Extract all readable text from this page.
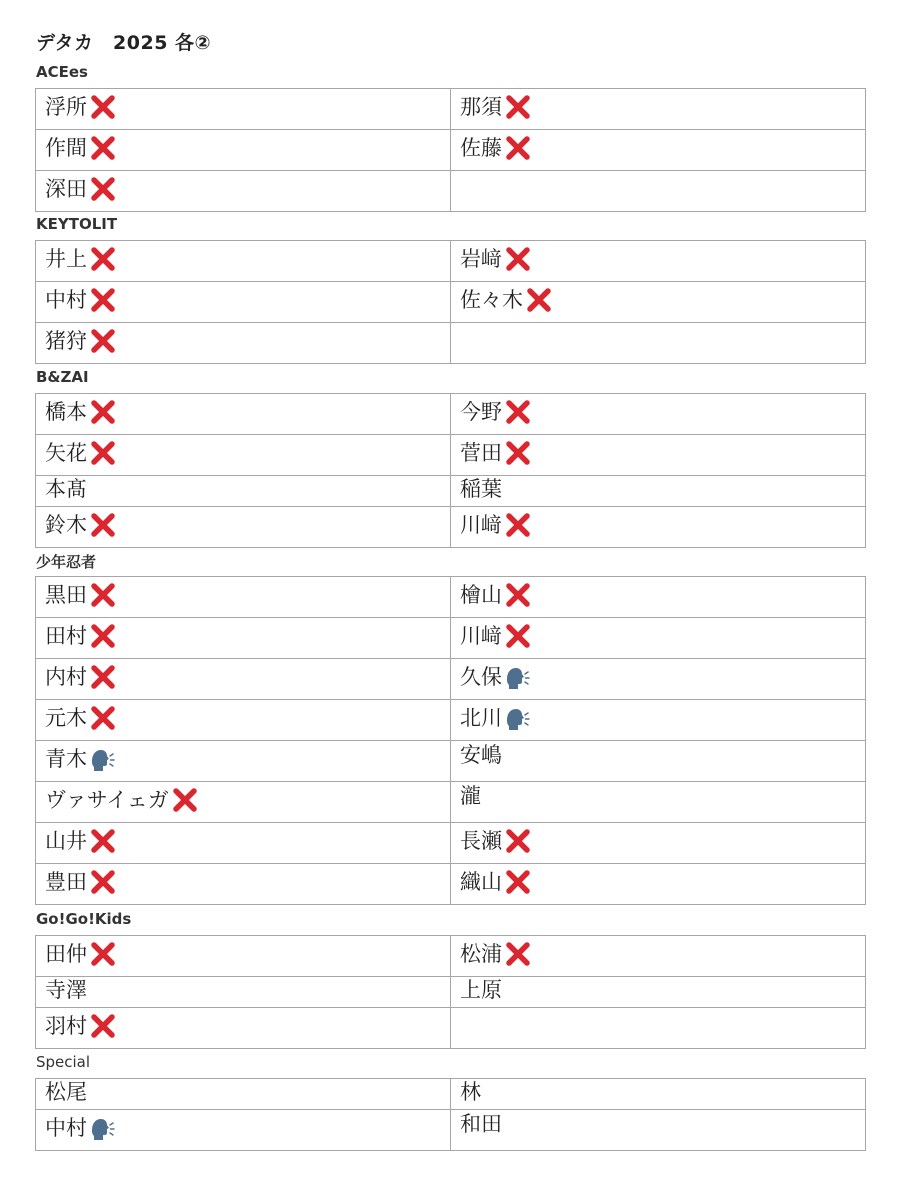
デタカ　2025 各②
ACEes
浮所	那須

作間	佐藤

深田

KEYTOLIT
井上	岩﨑

中村	佐々木

猪狩

B&ZAI
橋本	今野

矢花	菅田

本髙	稲葉
鈴木	川﨑
少年忍者
黒田	檜山

田村	川﨑

内村	久保

元木	北川

青木	安嶋
ヴァサイェガ	瀧
山井	長瀬

豊田	織山
Go!Go!Kids
田仲	松浦

寺澤	上原
羽村

Special
松尾	林
中村	和田
